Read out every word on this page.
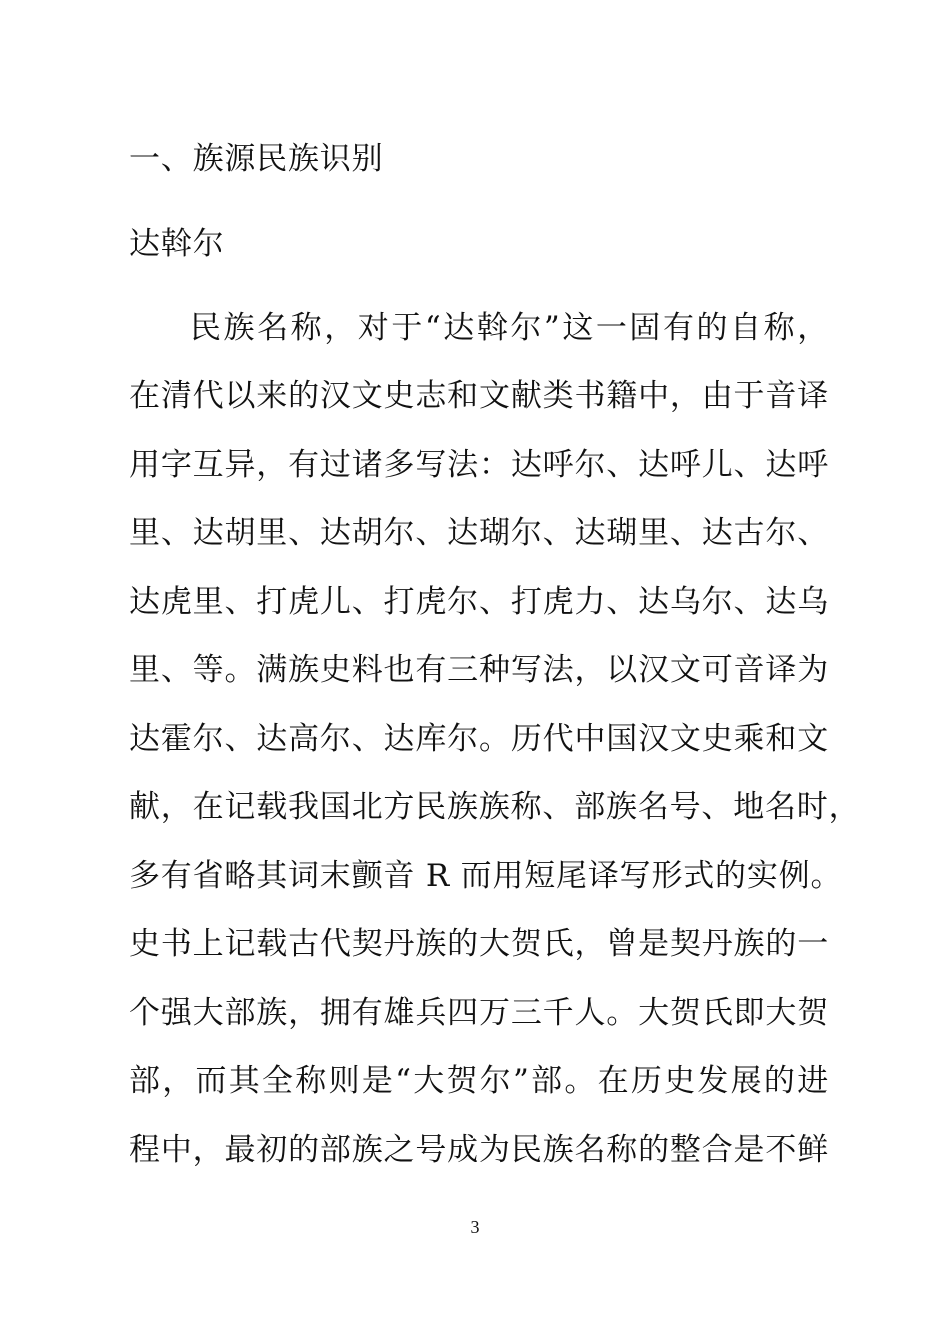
一、族源民族识别
达斡尔
民族名称，对于“达斡尔”这一固有的自称，
在清代以来的汉文史志和文献类书籍中，由于音译
用字互异，有过诸多写法：达呼尔、达呼儿、达呼
里、达胡里、达胡尔、达瑚尔、达瑚里、达古尔、
达虎里、打虎儿、打虎尔、打虎力、达乌尔、达乌
里、等。满族史料也有三种写法，以汉文可音译为
达霍尔、达高尔、达库尔。历代中国汉文史乘和文
献，在记载我国北方民族族称、部族名号、地名时，
多有省略其词末颤音 R 而用短尾译写形式的实例。
史书上记载古代契丹族的大贺氏，曾是契丹族的一
个强大部族，拥有雄兵四万三千人。大贺氏即大贺
部，而其全称则是“大贺尔”部。在历史发展的进
程中，最初的部族之号成为民族名称的整合是不鲜
3
